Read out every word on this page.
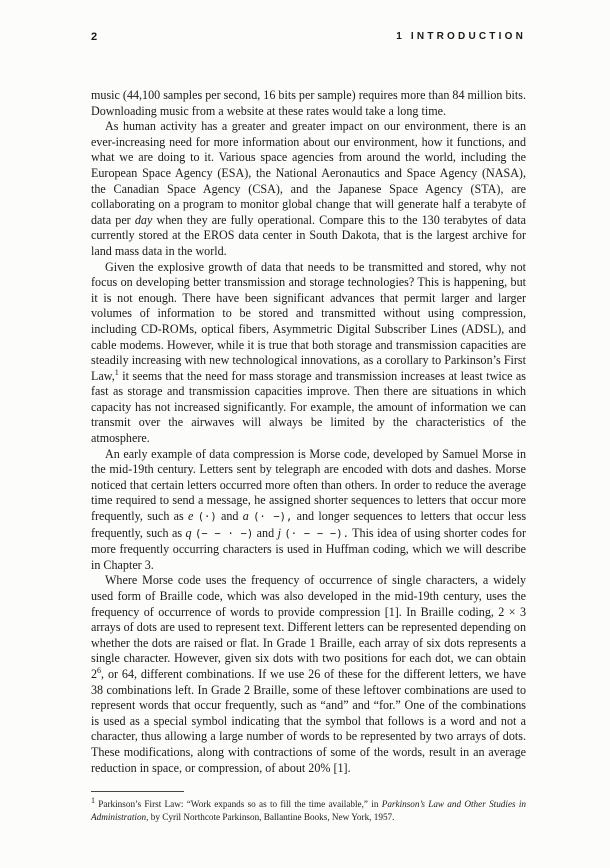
2	1 INTRODUCTION

music (44,100 samples per second, 16 bits per sample) requires more than 84 million bits. Downloading music from a website at these rates would take a long time.

As human activity has a greater and greater impact on our environment, there is an ever-increasing need for more information about our environment, how it functions, and what we are doing to it. Various space agencies from around the world, including the European Space Agency (ESA), the National Aeronautics and Space Agency (NASA), the Canadian Space Agency (CSA), and the Japanese Space Agency (STA), are collaborating on a program to monitor global change that will generate half a terabyte of data per day when they are fully operational. Compare this to the 130 terabytes of data currently stored at the EROS data center in South Dakota, that is the largest archive for land mass data in the world.

Given the explosive growth of data that needs to be transmitted and stored, why not focus on developing better transmission and storage technologies? This is happening, but it is not enough. There have been significant advances that permit larger and larger volumes of information to be stored and transmitted without using compression, including CD-ROMs, optical fibers, Asymmetric Digital Subscriber Lines (ADSL), and cable modems. However, while it is true that both storage and transmission capacities are steadily increasing with new technological innovations, as a corollary to Parkinson’s First Law,$^1$ it seems that the need for mass storage and transmission increases at least twice as fast as storage and transmission capacities improve. Then there are situations in which capacity has not increased significantly. For example, the amount of information we can transmit over the airwaves will always be limited by the characteristics of the atmosphere.

An early example of data compression is Morse code, developed by Samuel Morse in the mid-19th century. Letters sent by telegraph are encoded with dots and dashes. Morse noticed that certain letters occurred more often than others. In order to reduce the average time required to send a message, he assigned shorter sequences to letters that occur more frequently, such as e (·) and a (· −), and longer sequences to letters that occur less frequently, such as q (− − · −) and j (· − − −). This idea of using shorter codes for more frequently occurring characters is used in Huffman coding, which we will describe in Chapter 3.

Where Morse code uses the frequency of occurrence of single characters, a widely used form of Braille code, which was also developed in the mid-19th century, uses the frequency of occurrence of words to provide compression [1]. In Braille coding, 2 × 3 arrays of dots are used to represent text. Different letters can be represented depending on whether the dots are raised or flat. In Grade 1 Braille, each array of six dots represents a single character. However, given six dots with two positions for each dot, we can obtain $2^6$, or 64, different combinations. If we use 26 of these for the different letters, we have 38 combinations left. In Grade 2 Braille, some of these leftover combinations are used to represent words that occur frequently, such as “and” and “for.” One of the combinations is used as a special symbol indicating that the symbol that follows is a word and not a character, thus allowing a large number of words to be represented by two arrays of dots. These modifications, along with contractions of some of the words, result in an average reduction in space, or compression, of about 20% [1].

$^1$ Parkinson’s First Law: “Work expands so as to fill the time available,” in Parkinson’s Law and Other Studies in Administration, by Cyril Northcote Parkinson, Ballantine Books, New York, 1957.
